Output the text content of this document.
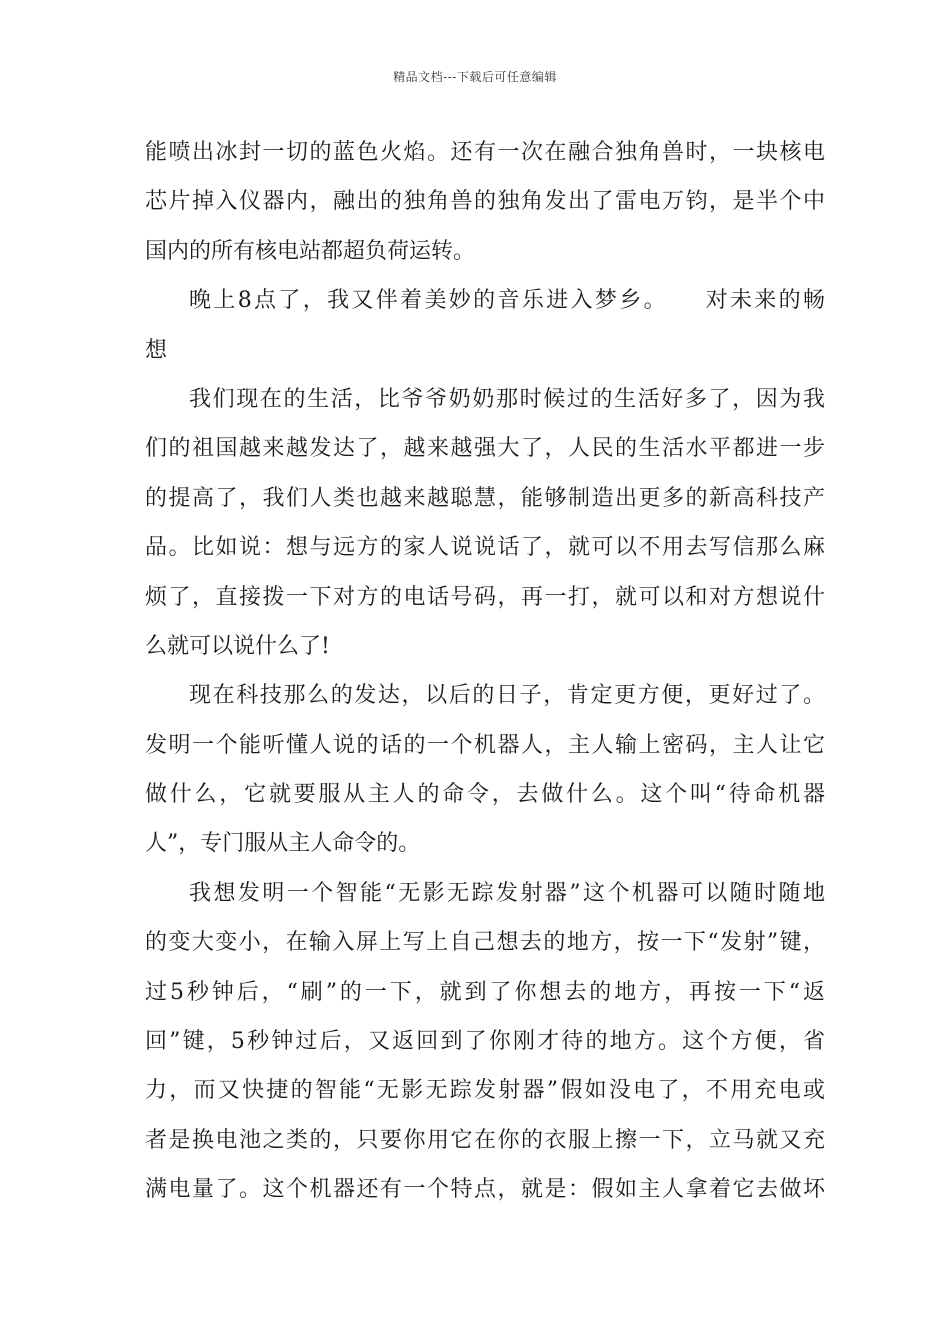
精品文档---下载后可任意编辑
能喷出冰封一切的蓝色火焰。还有一次在融合独角兽时，一块核电
芯片掉入仪器内，融出的独角兽的独角发出了雷电万钧，是半个中
国内的所有核电站都超负荷运转。
晚上8点了，我又伴着美妙的音乐进入梦乡。　　对未来的畅
想
我们现在的生活，比爷爷奶奶那时候过的生活好多了，因为我
们的祖国越来越发达了，越来越强大了，人民的生活水平都进一步
的提高了，我们人类也越来越聪慧，能够制造出更多的新高科技产
品。比如说：想与远方的家人说说话了，就可以不用去写信那么麻
烦了，直接拨一下对方的电话号码，再一打，就可以和对方想说什
么就可以说什么了!
现在科技那么的发达，以后的日子，肯定更方便，更好过了。
发明一个能听懂人说的话的一个机器人，主人输上密码，主人让它
做什么，它就要服从主人的命令，去做什么。这个叫“待命机器
人”，专门服从主人命令的。
我想发明一个智能“无影无踪发射器”这个机器可以随时随地
的变大变小，在输入屏上写上自己想去的地方，按一下“发射”键，
过5秒钟后，“刷”的一下，就到了你想去的地方，再按一下“返
回”键，5秒钟过后，又返回到了你刚才待的地方。这个方便，省
力，而又快捷的智能“无影无踪发射器”假如没电了，不用充电或
者是换电池之类的，只要你用它在你的衣服上擦一下，立马就又充
满电量了。这个机器还有一个特点，就是：假如主人拿着它去做坏
